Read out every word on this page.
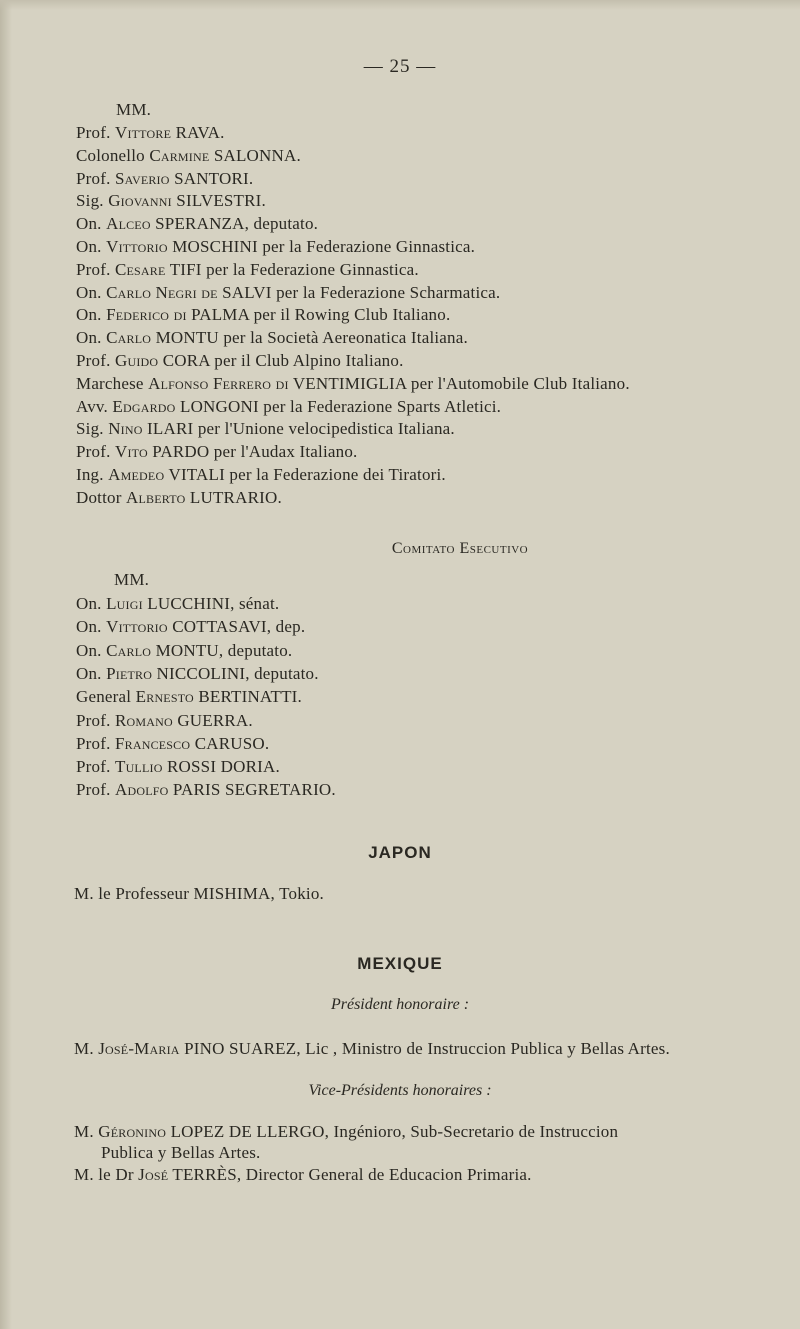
— 25 —
MM.
Prof. Vittore RAVA.
Colonello Carmine SALONNA.
Prof. Saverio SANTORI.
Sig. Giovanni SILVESTRI.
On. Alceo SPERANZA, deputato.
On. Vittorio MOSCHINI per la Federazione Ginnastica.
Prof. Cesare TIFI per la Federazione Ginnastica.
On. Carlo Negri de SALVI per la Federazione Scharmatica.
On. Federico di PALMA per il Rowing Club Italiano.
On. Carlo MONTU per la Società Aereonatica Italiana.
Prof. Guido CORA per il Club Alpino Italiano.
Marchese Alfonso Ferrero di VENTIMIGLIA per l'Automobile Club Italiano.
Avv. Edgardo LONGONI per la Federazione Sparts Atletici.
Sig. Nino ILARI per l'Unione velocipedistica Italiana.
Prof. Vito PARDO per l'Audax Italiano.
Ing. Amedeo VITALI per la Federazione dei Tiratori.
Dottor Alberto LUTRARIO.
Comitato Esecutivo
MM.
On. Luigi LUCCHINI, sénat.
On. Vittorio COTTASAVI, dep.
On. Carlo MONTU, deputato.
On. Pietro NICCOLINI, deputato.
General Ernesto BERTINATTI.
Prof. Romano GUERRA.
Prof. Francesco CARUSO.
Prof. Tullio ROSSI DORIA.
Prof. Adolfo PARIS SEGRETARIO.
JAPON
M. le Professeur MISHIMA, Tokio.
MEXIQUE
Président honoraire :
M. José-Maria PINO SUAREZ, Lic , Ministro de Instruccion Publica y Bellas Artes.
Vice-Présidents honoraires :
M. Géronino LOPEZ DE LLERGO, Ingénioro, Sub-Secretario de Instruccion
Publica y Bellas Artes.
M. le Dr José TERRÈS, Director General de Educacion Primaria.
